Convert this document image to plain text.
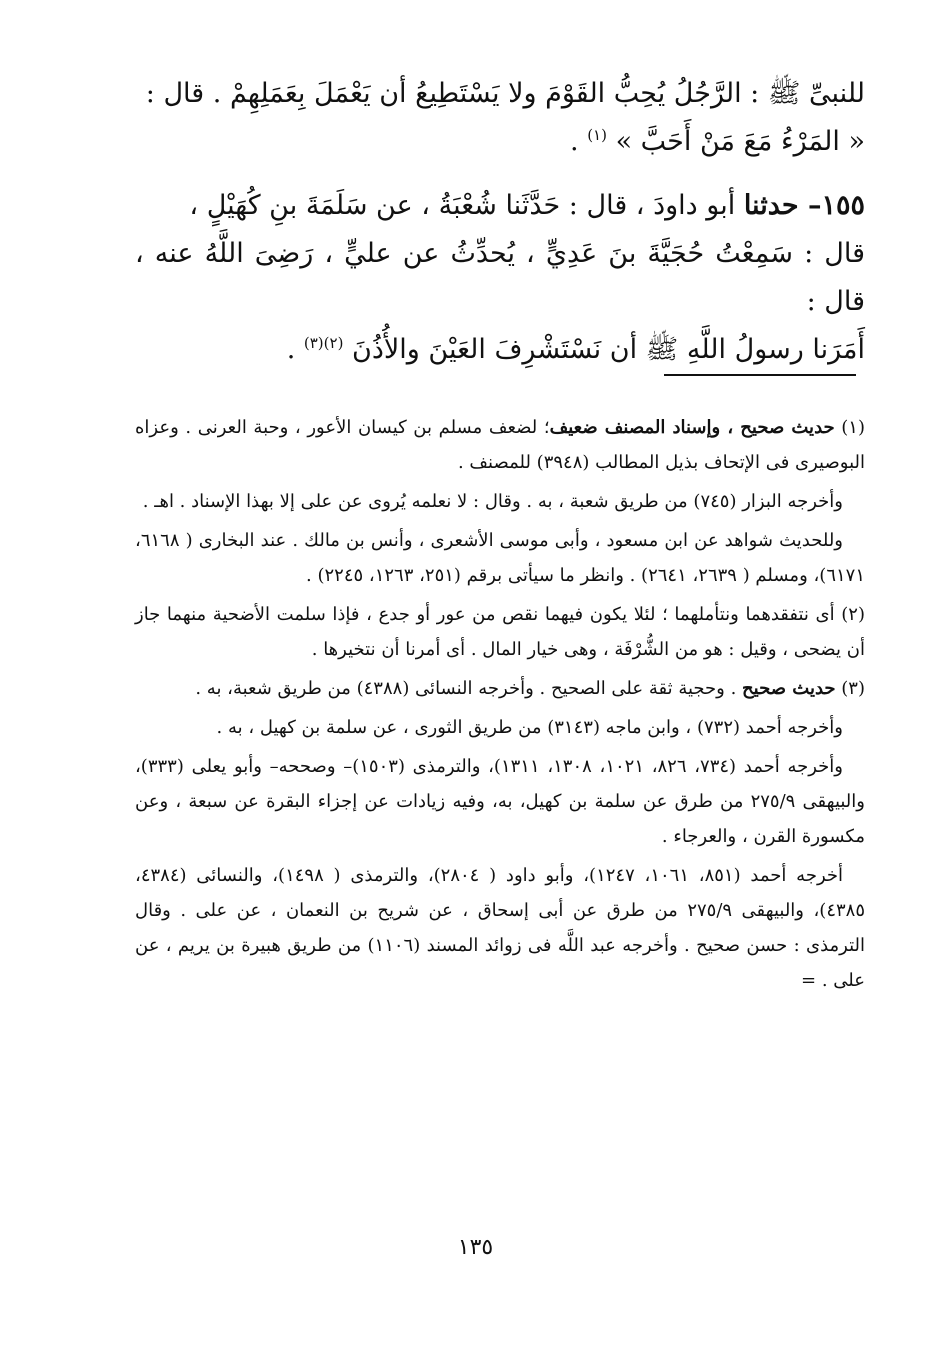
للنبىِّ ﷺ : الرَّجُلُ يُحِبُّ القَوْمَ ولا يَسْتَطِيعُ أن يَعْمَلَ بِعَمَلِهِمْ . قال :
« المَرْءُ مَعَ مَنْ أَحَبَّ » $^{(١)}$ .

١٥٥– حدثنا أبو داودَ ، قال : حَدَّثَنا شُعْبَةُ ، عن سَلَمَةَ بنِ كُهَيْلٍ ،
قال : سَمِعْتُ حُجَيَّةَ بنَ عَدِيٍّ ، يُحدِّثُ عن عليٍّ ، رَضِىَ اللَّهُ عنه ، قال :
أَمَرَنا رسولُ اللَّهِ ﷺ أن نَسْتَشْرِفَ العَيْنَ والأُذُنَ $^{(٢)(٣)}$ .

(١) حديث صحيح ، وإسناد المصنف ضعيف؛ لضعف مسلم بن كيسان الأعور ، وحبة العرنى . وعزاه البوصيرى فى الإتحاف بذيل المطالب (٣٩٤٨) للمصنف .

وأخرجه البزار (٧٤٥) من طريق شعبة ، به . وقال : لا نعلمه يُروى عن على إلا بهذا الإسناد . اهـ .

وللحديث شواهد عن ابن مسعود ، وأبى موسى الأشعرى ، وأنس بن مالك . عند البخارى ( ٦١٦٨، ٦١٧١)، ومسلم ( ٢٦٣٩، ٢٦٤١) . وانظر ما سيأتى برقم (٢٥١، ١٢٦٣، ٢٢٤٥) .

(٢) أى نتفقدهما ونتأملهما ؛ لئلا يكون فيهما نقص من عور أو جدع ، فإذا سلمت الأضحية منهما جاز أن يضحى ، وقيل : هو من الشُّرْفَة ، وهى خيار المال . أى أمرنا أن نتخيرها .

(٣) حديث صحيح . وحجية ثقة على الصحيح . وأخرجه النسائى (٤٣٨٨) من طريق شعبة، به .

وأخرجه أحمد (٧٣٢) ، وابن ماجه (٣١٤٣) من طريق الثورى ، عن سلمة بن كهيل ، به .

وأخرجه أحمد (٧٣٤، ٨٢٦، ١٠٢١، ١٣٠٨، ١٣١١)، والترمذى (١٥٠٣)– وصححه– وأبو يعلى (٣٣٣)، والبيهقى ٢٧٥/٩ من طرق عن سلمة بن كهيل، به، وفيه زيادات عن إجزاء البقرة عن سبعة ، وعن مكسورة القرن ، والعرجاء .

أخرجه أحمد (٨٥١، ١٠٦١، ١٢٤٧)، وأبو داود ( ٢٨٠٤)، والترمذى ( ١٤٩٨)، والنسائى (٤٣٨٤، ٤٣٨٥)، والبيهقى ٢٧٥/٩ من طرق عن أبى إسحاق ، عن شريح بن النعمان ، عن على . وقال الترمذى : حسن صحيح . وأخرجه عبد اللَّه فى زوائد المسند (١١٠٦) من طريق هبيرة بن يريم ، عن على . =

١٣٥
